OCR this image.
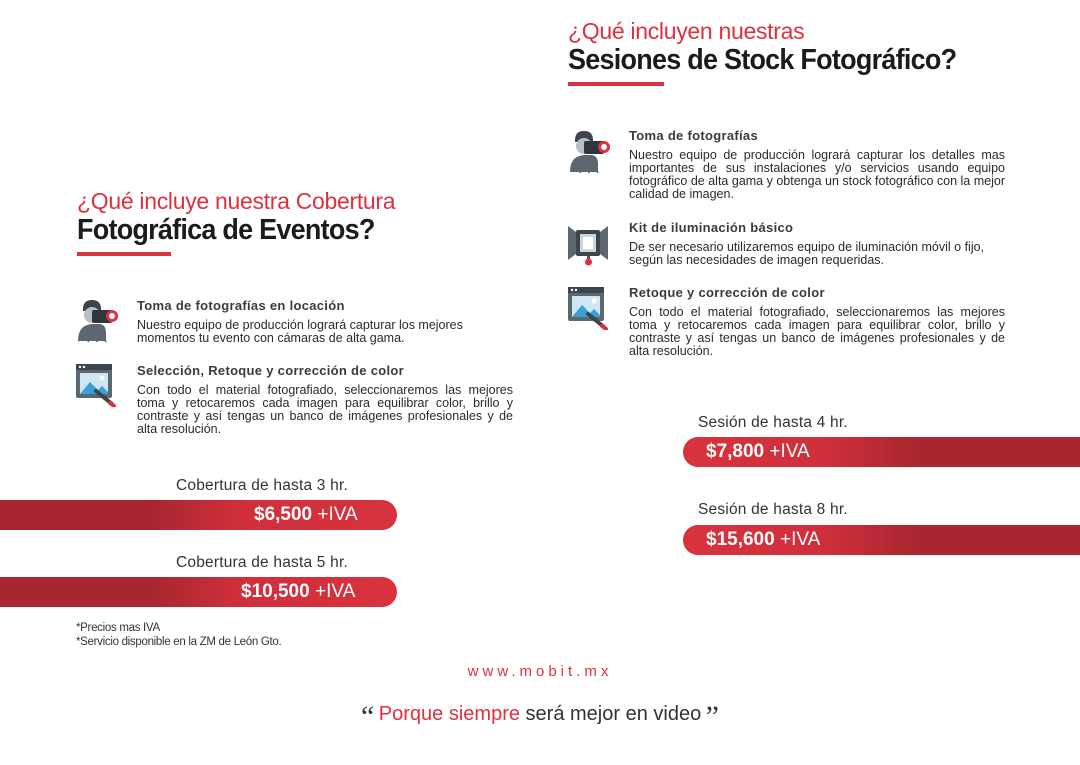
¿Qué incluyen nuestras
Sesiones de Stock Fotográfico?
Toma de fotografías
Nuestro equipo de producción logrará capturar los detalles mas importantes de sus instalaciones y/o servicios usando equipo fotográfico de alta gama y obtenga un stock fotográfico con la mejor calidad de imagen.
Kit de iluminación básico
De ser necesario utilizaremos equipo de iluminación móvil o fijo, según las necesidades de imagen requeridas.
Retoque y corrección de color
Con todo el material fotografiado, seleccionaremos las mejores toma y retocaremos cada imagen para equilibrar color, brillo y contraste y así tengas un banco de imágenes profesionales y de alta resolución.
Sesión de hasta 4 hr.
$7,800 +IVA
Sesión de hasta 8 hr.
$15,600 +IVA
¿Qué incluye nuestra Cobertura
Fotográfica de Eventos?
Toma de fotografías en locación
Nuestro equipo de producción logrará capturar los mejores momentos tu evento con cámaras de alta gama.
Selección, Retoque y corrección de color
Con todo el material fotografiado, seleccionaremos las mejores toma y retocaremos cada imagen para equilibrar color, brillo y contraste y así tengas un banco de imágenes profesionales y de alta resolución.
Cobertura de hasta 3 hr.
$6,500 +IVA
Cobertura de hasta 5 hr.
$10,500 +IVA
*Precios mas IVA
*Servicio disponible en la ZM de León Gto.
www.mobit.mx
“ Porque siempre será mejor en video ”
